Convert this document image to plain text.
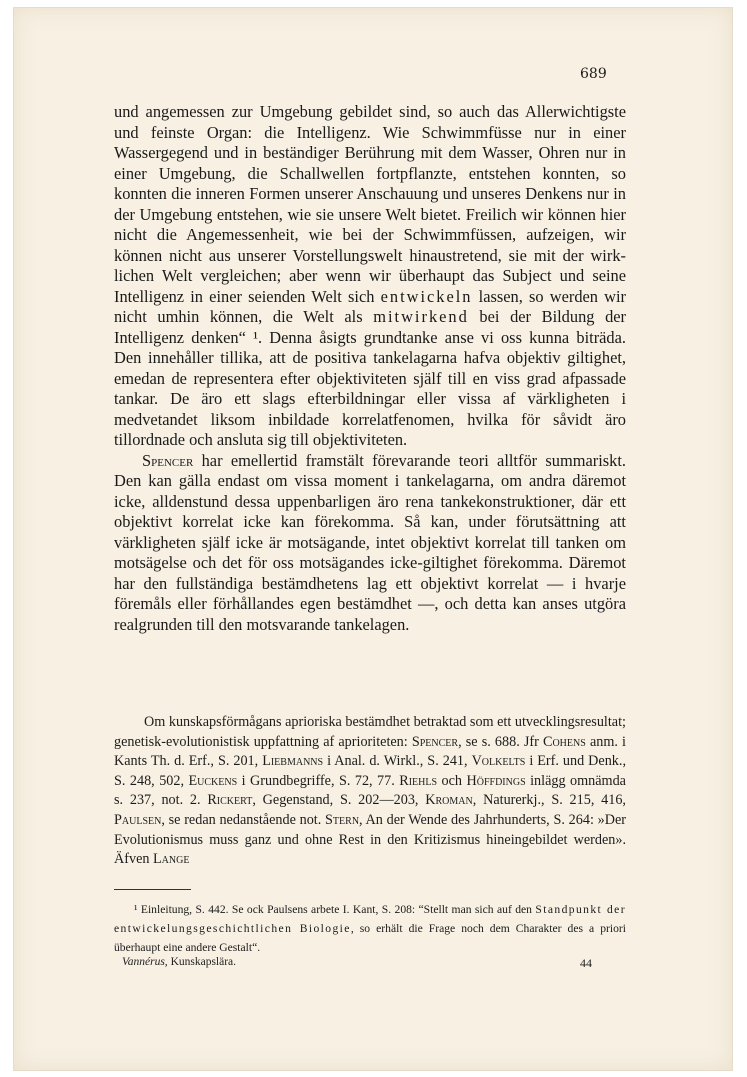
689

und angemessen zur Umgebung gebildet sind, so auch das Allerwichtigste und feinste Organ: die Intelligenz. Wie Schwimmfüsse nur in einer Wassergegend und in beständiger Berührung mit dem Wasser, Ohren nur in einer Umgebung, die Schallwellen fortpflanzte, entstehen konnten, so konnten die inneren Formen unserer Anschauung und unseres Denkens nur in der Umgebung entstehen, wie sie unsere Welt bietet. Freilich wir können hier nicht die Angemessenheit, wie bei der Schwimmfüssen, aufzeigen, wir können nicht aus unserer Vorstellungswelt hinaustretend, sie mit der wirklichen Welt vergleichen; aber wenn wir überhaupt das Subject und seine Intelligenz in einer seienden Welt sich entwickeln lassen, so werden wir nicht umhin können, die Welt als mitwirkend bei der Bildung der Intelligenz denken“ ¹. Denna åsigts grundtanke anse vi oss kunna biträda. Den innehåller tillika, att de positiva tankelagarna hafva objektiv giltighet, emedan de representera efter objektiviteten själf till en viss grad afpassade tankar. De äro ett slags efterbildningar eller vissa af värkligheten i medvetandet liksom inbildade korrelatfenomen, hvilka för såvidt äro tillordnade och ansluta sig till objektiviteten.

Spencer har emellertid framstält förevarande teori alltför summariskt. Den kan gälla endast om vissa moment i tankelagarna, om andra däremot icke, alldenstund dessa uppenbarligen äro rena tankekonstruktioner, där ett objektivt korrelat icke kan förekomma. Så kan, under förutsättning att värkligheten själf icke är motsägande, intet objektivt korrelat till tanken om motsägelse och det för oss motsägandes icke-giltighet förekomma. Däremot har den fullständiga bestämdhetens lag ett objektivt korrelat — i hvarje föremåls eller förhållandes egen bestämdhet —, och detta kan anses utgöra realgrunden till den motsvarande tankelagen.

Om kunskapsförmågans aprioriska bestämdhet betraktad som ett utvecklingsresultat; genetisk-evolutionistisk uppfattning af aprioriteten: Spencer, se s. 688. Jfr Cohens anm. i Kants Th. d. Erf., S. 201, Liebmanns i Anal. d. Wirkl., S. 241, Volkelts i Erf. und Denk., S. 248, 502, Euckens i Grundbegriffe, S. 72, 77. Riehls och Höffdings inlägg omnämda s. 237, not. 2. Rickert, Gegenstand, S. 202—203, Kroman, Naturerkj., S. 215, 416, Paulsen, se redan nedanstående not. Stern, An der Wende des Jahrhunderts, S. 264: »Der Evolutionismus muss ganz und ohne Rest in den Kritizismus hineingebildet werden». Äfven Lange

¹ Einleitung, S. 442. Se ock Paulsens arbete I. Kant, S. 208: “Stellt man sich auf den Standpunkt der entwickelungsgeschichtlichen Biologie, so erhält die Frage noch dem Charakter des a priori überhaupt eine andere Gestalt“.

Vannérus, Kunskapslära.	44
